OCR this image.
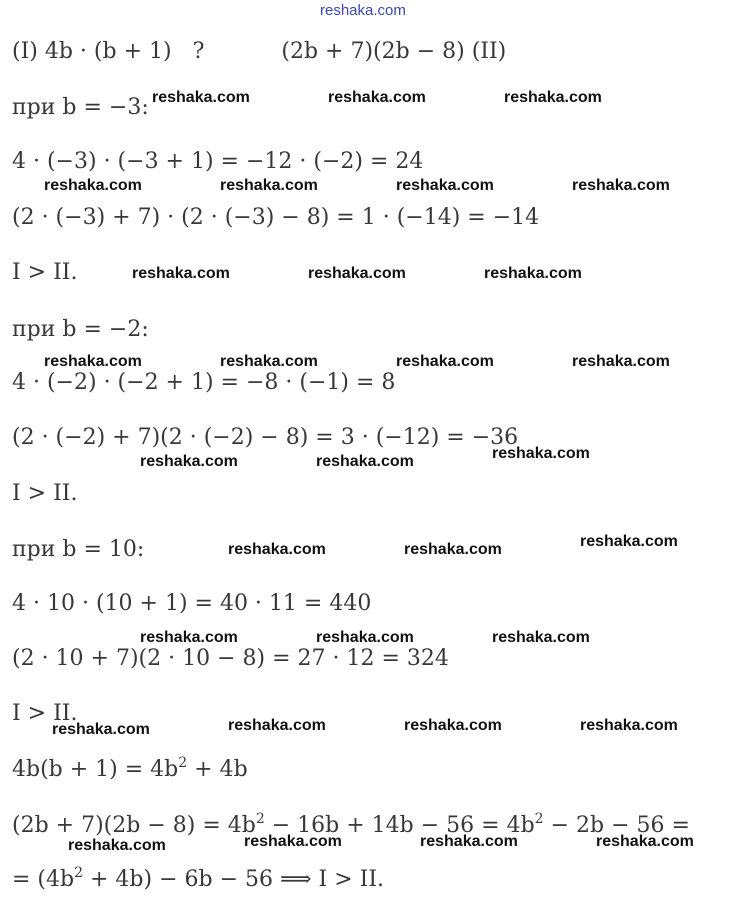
reshaka.com
(I) 4b · (b + 1) ?	(2b + 7)(2b − 8) (II)
при b = −3:
4 · (−3) · (−3 + 1) = −12 · (−2) = 24
(2 · (−3) + 7) · (2 · (−3) − 8) = 1 · (−14) = −14
I > II.
при b = −2:
4 · (−2) · (−2 + 1) = −8 · (−1) = 8
(2 · (−2) + 7)(2 · (−2) − 8) = 3 · (−12) = −36
I > II.
при b = 10:
4 · 10 · (10 + 1) = 40 · 11 = 440
(2 · 10 + 7)(2 · 10 − 8) = 27 · 12 = 324
I > II.
$4b(b + 1) = 4b^2 + 4b$
$(2b + 7)(2b - 8) = 4b^2 - 16b + 14b - 56 = 4b^2 - 2b - 56$ =
= $(4b^2 + 4b) - 6b - 56$ ⟹ I > II.
reshaka.com	reshaka.com	reshaka.com
reshaka.com	reshaka.com	reshaka.com	reshaka.com
reshaka.com	reshaka.com	reshaka.com
reshaka.com	reshaka.com	reshaka.com	reshaka.com
reshaka.com
reshaka.com	reshaka.com
reshaka.com
reshaka.com	reshaka.com
reshaka.com	reshaka.com	reshaka.com
reshaka.com	reshaka.com	reshaka.com
reshaka.com
reshaka.com	reshaka.com	reshaka.com
reshaka.com
